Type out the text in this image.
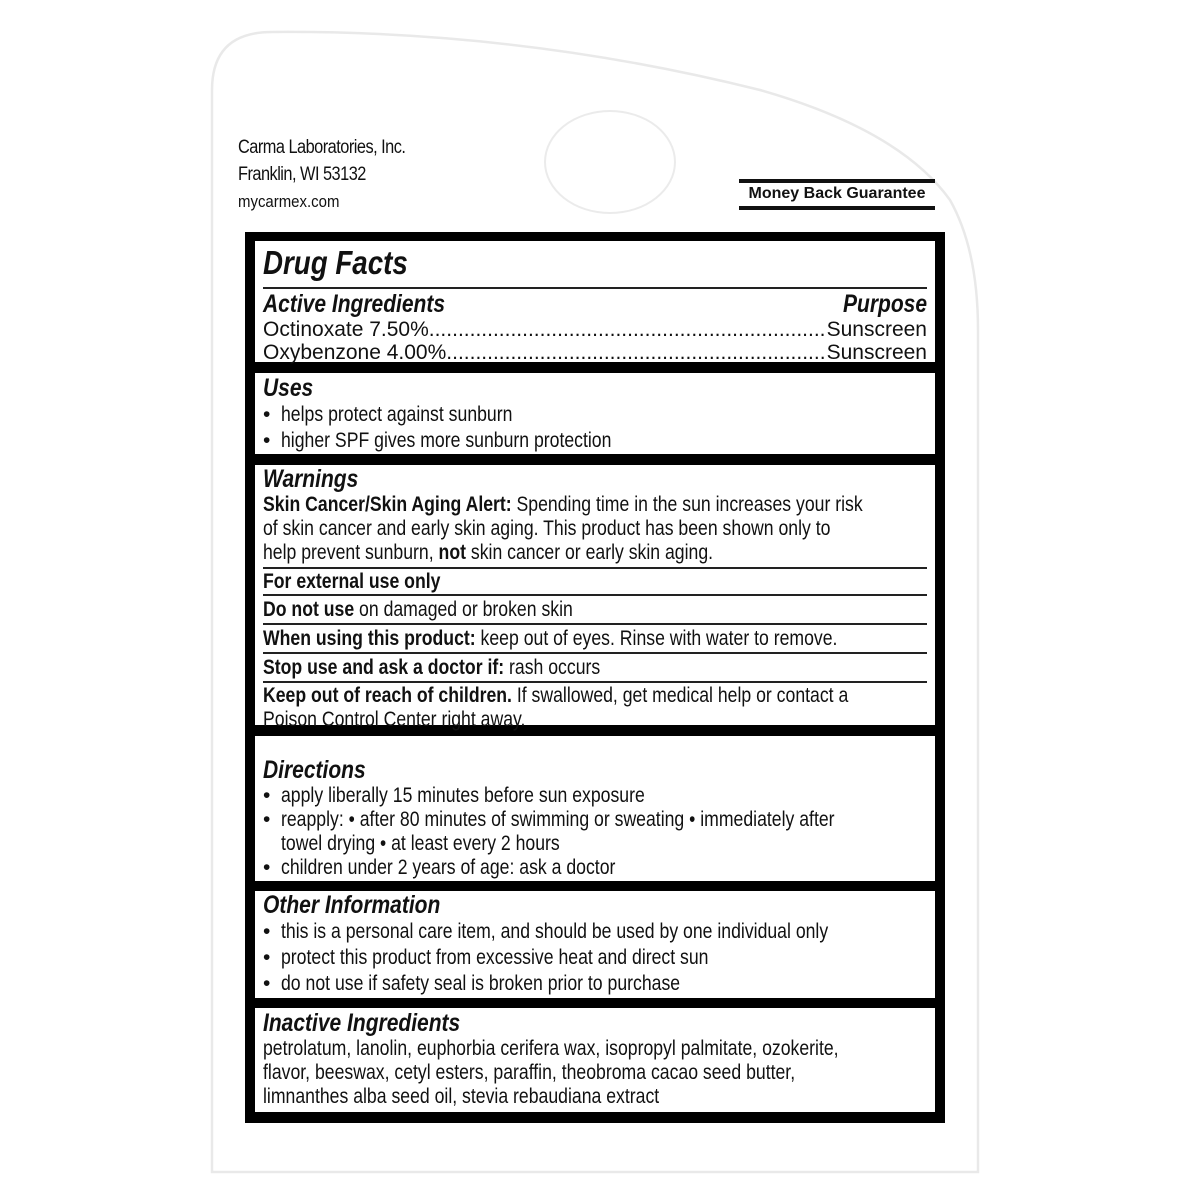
Carma Laboratories, Inc.
Franklin, WI 53132
mycarmex.com	Money Back Guarantee
Drug Facts
Active Ingredients	Purpose
Octinoxate 7.50% .....	Sunscreen
Oxybenzone 4.00% .....	Sunscreen
Uses
• helps protect against sunburn
• higher SPF gives more sunburn protection
Warnings
Skin Cancer/Skin Aging Alert: Spending time in the sun increases your risk
of skin cancer and early skin aging. This product has been shown only to
help prevent sunburn, not skin cancer or early skin aging.
For external use only
Do not use on damaged or broken skin
When using this product: keep out of eyes. Rinse with water to remove.
Stop use and ask a doctor if: rash occurs
Keep out of reach of children. If swallowed, get medical help or contact a
Poison Control Center right away.
Directions
• apply liberally 15 minutes before sun exposure
• reapply: • after 80 minutes of swimming or sweating • immediately after
towel drying • at least every 2 hours
• children under 2 years of age: ask a doctor
Other Information
• this is a personal care item, and should be used by one individual only
• protect this product from excessive heat and direct sun
• do not use if safety seal is broken prior to purchase
Inactive Ingredients
petrolatum, lanolin, euphorbia cerifera wax, isopropyl palmitate, ozokerite,
flavor, beeswax, cetyl esters, paraffin, theobroma cacao seed butter,
limnanthes alba seed oil, stevia rebaudiana extract
